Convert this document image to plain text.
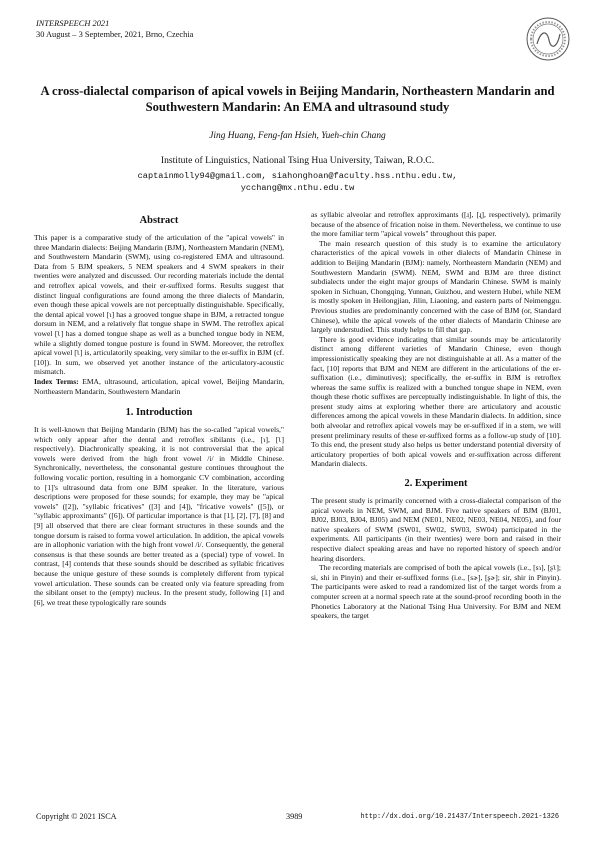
INTERSPEECH 2021
30 August – 3 September, 2021, Brno, Czechia
A cross-dialectal comparison of apical vowels in Beijing Mandarin, Northeastern Mandarin and Southwestern Mandarin: An EMA and ultrasound study
Jing Huang, Feng-fan Hsieh, Yueh-chin Chang
Institute of Linguistics, National Tsing Hua University, Taiwan, R.O.C.
captainmolly94@gmail.com, siahonghoan@faculty.hss.nthu.edu.tw,
ycchang@mx.nthu.edu.tw
Abstract

This paper is a comparative study of the articulation of the "apical vowels" in three Mandarin dialects: Beijing Mandarin (BJM), Northeastern Mandarin (NEM), and Southwestern Mandarin (SWM), using co-registered EMA and ultrasound. Data from 5 BJM speakers, 5 NEM speakers and 4 SWM speakers in their twenties were analyzed and discussed. Our recording materials include the dental and retroflex apical vowels, and their er-suffixed forms. Results suggest that distinct lingual configurations are found among the three dialects of Mandarin, even though these apical vowels are not perceptually distinguishable. Specifically, the dental apical vowel [ɿ] has a grooved tongue shape in BJM, a retracted tongue dorsum in NEM, and a relatively flat tongue shape in SWM. The retroflex apical vowel [ʅ] has a domed tongue shape as well as a bunched tongue body in NEM, while a slightly domed tongue posture is found in SWM. Moreover, the retroflex apical vowel [ʅ] is, articulatorily speaking, very similar to the er-suffix in BJM (cf. [10]). In sum, we observed yet another instance of the articulatory-acoustic mismatch.

Index Terms: EMA, ultrasound, articulation, apical vowel, Beijing Mandarin, Northeastern Mandarin, Southwestern Mandarin

1. Introduction

It is well-known that Beijing Mandarin (BJM) has the so-called "apical vowels," which only appear after the dental and retroflex sibilants (i.e., [ɿ], [ʅ] respectively). Diachronically speaking, it is not controversial that the apical vowels were derived from the high front vowel /i/ in Middle Chinese. Synchronically, nevertheless, the consonantal gesture continues throughout the following vocalic portion, resulting in a homorganic CV combination, according to [1]'s ultrasound data from one BJM speaker. In the literature, various descriptions were proposed for these sounds; for example, they may be "apical vowels" ([2]), "syllabic fricatives" ([3] and [4]), "fricative vowels" ([5]), or "syllabic approximants" ([6]). Of particular importance is that [1], [2], [7], [8] and [9] all observed that there are clear formant structures in these sounds and the tongue dorsum is raised to forma vowel articulation. In addition, the apical vowels are in allophonic variation with the high front vowel /i/. Consequently, the general consensus is that these sounds are better treated as a (special) type of vowel. In contrast, [4] contends that these sounds should be described as syllabic fricatives because the unique gesture of these sounds is completely different from typical vowel articulation. These sounds can be created only via feature spreading from the sibilant onset to the (empty) nucleus. In the present study, following [1] and [6], we treat these typologically rare sounds

as syllabic alveolar and retroflex approximants ([ɹ̩], [ɻ̩], respectively), primarily because of the absence of frication noise in them. Nevertheless, we continue to use the more familiar term "apical vowels" throughout this paper.

The main research question of this study is to examine the articulatory characteristics of the apical vowels in other dialects of Mandarin Chinese in addition to Beijing Mandarin (BJM): namely, Northeastern Mandarin (NEM) and Southwestern Mandarin (SWM). NEM, SWM and BJM are three distinct subdialects under the eight major groups of Mandarin Chinese. SWM is mainly spoken in Sichuan, Chongqing, Yunnan, Guizhou, and western Hubei, while NEM is mostly spoken in Heilongjian, Jilin, Liaoning, and eastern parts of Neimenggu. Previous studies are predominantly concerned with the case of BJM (or, Standard Chinese), while the apical vowels of the other dialects of Mandarin Chinese are largely understudied. This study helps to fill that gap.

There is good evidence indicating that similar sounds may be articulatorily distinct among different varieties of Mandarin Chinese, even though impressionistically speaking they are not distinguishable at all. As a matter of the fact, [10] reports that BJM and NEM are different in the articulations of the er-suffixation (i.e., diminutives); specifically, the er-suffix in BJM is retroflex whereas the same suffix is realized with a bunched tongue shape in NEM, even though these rhotic suffixes are perceptually indistinguishable. In light of this, the present study aims at exploring whether there are articulatory and acoustic differences among the apical vowels in these Mandarin dialects. In addition, since both alveolar and retroflex apical vowels may be er-suffixed if in a stem, we will present preliminary results of these er-suffixed forms as a follow-up study of [10]. To this end, the present study also helps us better understand potential diversity of articulatory properties of both apical vowels and er-suffixation across different Mandarin dialects.

2. Experiment

The present study is primarily concerned with a cross-dialectal comparison of the apical vowels in NEM, SWM, and BJM. Five native speakers of BJM (BJ01, BJ02, BJ03, BJ04, BJ05) and NEM (NE01, NE02, NE03, NE04, NE05), and four native speakers of SWM (SW01, SW02, SW03, SW04) participated in the experiments. All participants (in their twenties) were born and raised in their respective dialect speaking areas and have no reported history of speech and/or hearing disorders.

The recording materials are comprised of both the apical vowels (i.e., [sɿ], [ʂʅ]; si, shi in Pinyin) and their er-suffixed forms (i.e., [sɚ], [ʂɚ]; sir, shir in Pinyin). The participants were asked to read a randomized list of the target words from a computer screen at a normal speech rate at the sound-proof recording booth in the Phonetics Laboratory at the National Tsing Hua University. For BJM and NEM speakers, the target

Copyright © 2021 ISCA	3989	http://dx.doi.org/10.21437/Interspeech.2021-1326
